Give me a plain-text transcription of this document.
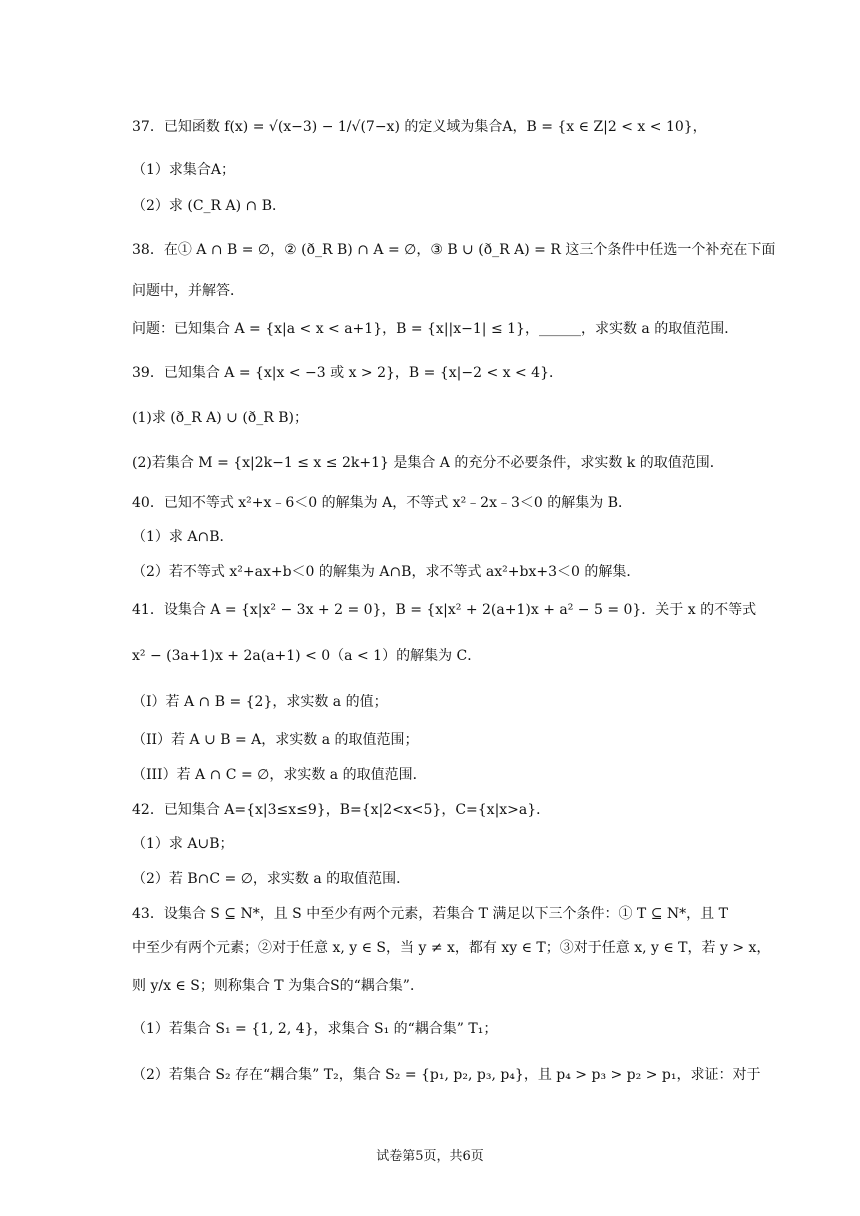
37．已知函数 f(x) = √(x−3) − 1/√(7−x) 的定义域为集合A，B = {x ∈ Z|2 < x < 10}，
（1）求集合A；
（2）求 (C_R A) ∩ B．
38．在① A ∩ B = ∅，② (ð_R B) ∩ A = ∅，③ B ∪ (ð_R A) = R 这三个条件中任选一个补充在下面
问题中，并解答．
问题：已知集合 A = {x|a < x < a+1}，B = {x||x−1| ≤ 1}，______，求实数 a 的取值范围．
39．已知集合 A = {x|x < −3 或 x > 2}，B = {x|−2 < x < 4}．
(1)求 (ð_R A) ∪ (ð_R B)；
(2)若集合 M = {x|2k−1 ≤ x ≤ 2k+1} 是集合 A 的充分不必要条件，求实数 k 的取值范围．
40．已知不等式 x²+x﹣6＜0 的解集为 A，不等式 x²﹣2x﹣3＜0 的解集为 B．
（1）求 A∩B．
（2）若不等式 x²+ax+b＜0 的解集为 A∩B，求不等式 ax²+bx+3＜0 的解集．
41．设集合 A = {x|x² − 3x + 2 = 0}，B = {x|x² + 2(a+1)x + a² − 5 = 0}．关于 x 的不等式
x² − (3a+1)x + 2a(a+1) < 0（a < 1）的解集为 C．
（I）若 A ∩ B = {2}，求实数 a 的值；
（II）若 A ∪ B = A，求实数 a 的取值范围；
（III）若 A ∩ C = ∅，求实数 a 的取值范围．
42．已知集合 A={x|3≤x≤9}，B={x|2<x<5}，C={x|x>a}．
（1）求 A∪B；
（2）若 B∩C = ∅，求实数 a 的取值范围．
43．设集合 S ⊆ N*，且 S 中至少有两个元素，若集合 T 满足以下三个条件：① T ⊆ N*，且 T
中至少有两个元素；②对于任意 x, y ∈ S，当 y ≠ x，都有 xy ∈ T；③对于任意 x, y ∈ T，若 y > x，
则 y/x ∈ S；则称集合 T 为集合S的“耦合集”．
（1）若集合 S₁ = {1, 2, 4}，求集合 S₁ 的“耦合集” T₁；
（2）若集合 S₂ 存在“耦合集” T₂，集合 S₂ = {p₁, p₂, p₃, p₄}，且 p₄ > p₃ > p₂ > p₁，求证：对于
试卷第5页，共6页
